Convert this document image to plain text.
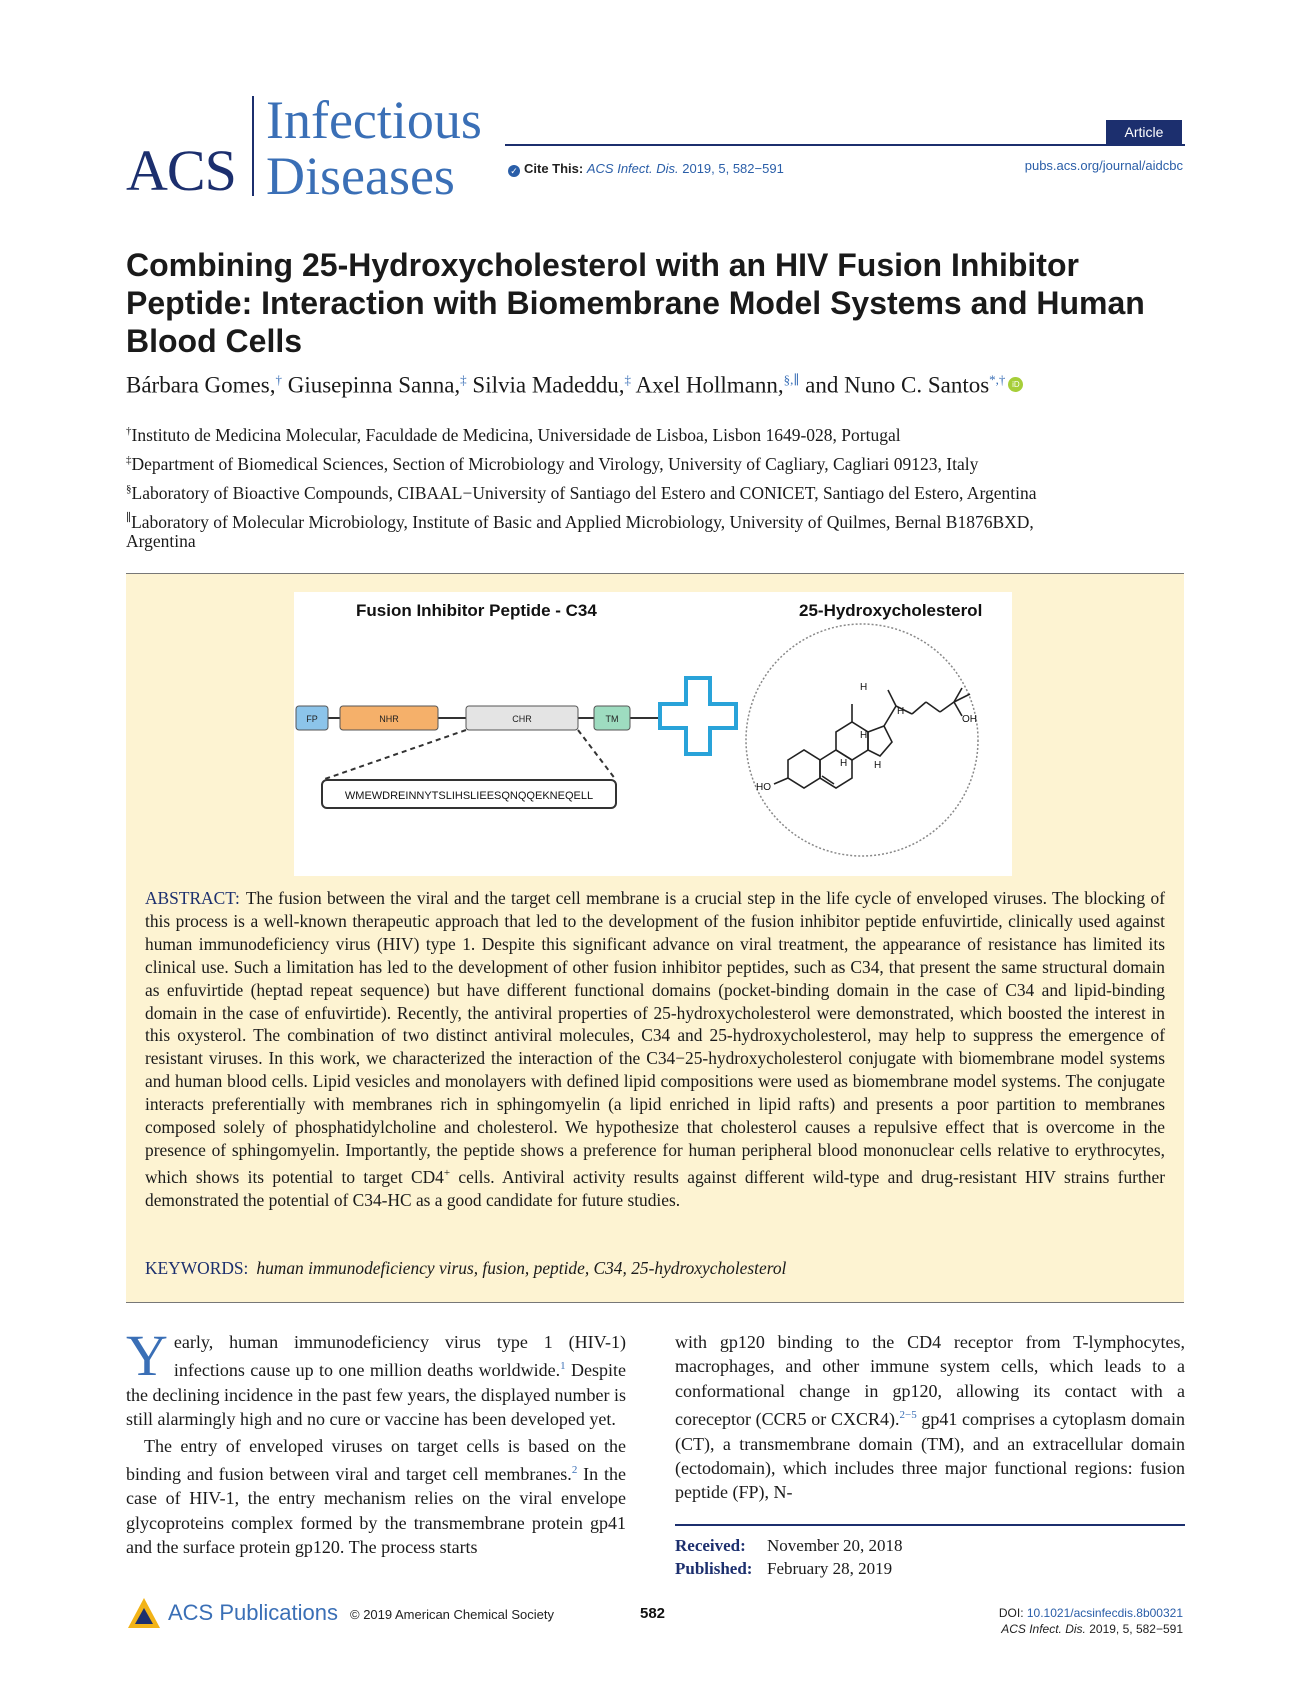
ACS
Infectious
Diseases
Article
✓ Cite This: ACS Infect. Dis. 2019, 5, 582−591	pubs.acs.org/journal/aidcbc
Combining 25-Hydroxycholesterol with an HIV Fusion Inhibitor Peptide: Interaction with Biomembrane Model Systems and Human Blood Cells
Bárbara Gomes,† Giusepinna Sanna,‡ Silvia Madeddu,‡ Axel Hollmann,§,∥ and Nuno C. Santos*,† iD
†Instituto de Medicina Molecular, Faculdade de Medicina, Universidade de Lisboa, Lisbon 1649-028, Portugal
‡Department of Biomedical Sciences, Section of Microbiology and Virology, University of Cagliary, Cagliari 09123, Italy
§Laboratory of Bioactive Compounds, CIBAAL−University of Santiago del Estero and CONICET, Santiago del Estero, Argentina
∥Laboratory of Molecular Microbiology, Institute of Basic and Applied Microbiology, University of Quilmes, Bernal B1876BXD,
Argentina
Fusion Inhibitor Peptide - C34	25-Hydroxycholesterol
FP	NHR	CHR	TM
WMEWDREINNYTSLIHSLIEESQNQQEKNEQELL
H
H
H
H	H
OH
HO
ABSTRACT: The fusion between the viral and the target cell membrane is a crucial step in the life cycle of enveloped viruses. The blocking of this process is a well-known therapeutic approach that led to the development of the fusion inhibitor peptide enfuvirtide, clinically used against human immunodeficiency virus (HIV) type 1. Despite this significant advance on viral treatment, the appearance of resistance has limited its clinical use. Such a limitation has led to the development of other fusion inhibitor peptides, such as C34, that present the same structural domain as enfuvirtide (heptad repeat sequence) but have different functional domains (pocket-binding domain in the case of C34 and lipid-binding domain in the case of enfuvirtide). Recently, the antiviral properties of 25-hydroxycholesterol were demonstrated, which boosted the interest in this oxysterol. The combination of two distinct antiviral molecules, C34 and 25-hydroxycholesterol, may help to suppress the emergence of resistant viruses. In this work, we characterized the interaction of the C34−25-hydroxycholesterol conjugate with biomembrane model systems and human blood cells. Lipid vesicles and monolayers with defined lipid compositions were used as biomembrane model systems. The conjugate interacts preferentially with membranes rich in sphingomyelin (a lipid enriched in lipid rafts) and presents a poor partition to membranes composed solely of phosphatidylcholine and cholesterol. We hypothesize that cholesterol causes a repulsive effect that is overcome in the presence of sphingomyelin. Importantly, the peptide shows a preference for human peripheral blood mononuclear cells relative to erythrocytes, which shows its potential to target CD4+ cells. Antiviral activity results against different wild-type and drug-resistant HIV strains further demonstrated the potential of C34-HC as a good candidate for future studies.
KEYWORDS: human immunodeficiency virus, fusion, peptide, C34, 25-hydroxycholesterol
Yearly, human immunodeficiency virus type 1 (HIV-1) infections cause up to one million deaths worldwide.$^1$ Despite the declining incidence in the past few years, the displayed number is still alarmingly high and no cure or vaccine has been developed yet.
The entry of enveloped viruses on target cells is based on the binding and fusion between viral and target cell membranes.$^2$ In the case of HIV-1, the entry mechanism relies on the viral envelope glycoproteins complex formed by the transmembrane protein gp41 and the surface protein gp120. The process starts
with gp120 binding to the CD4 receptor from T-lymphocytes, macrophages, and other immune system cells, which leads to a conformational change in gp120, allowing its contact with a coreceptor (CCR5 or CXCR4).$^{2-5}$ gp41 comprises a cytoplasm domain (CT), a transmembrane domain (TM), and an extracellular domain (ectodomain), which includes three major functional regions: fusion peptide (FP), N-
Received: November 20, 2018
Published: February 28, 2019
ACS Publications © 2019 American Chemical Society	582	DOI: 10.1021/acsinfecdis.8b00321
ACS Infect. Dis. 2019, 5, 582−591
